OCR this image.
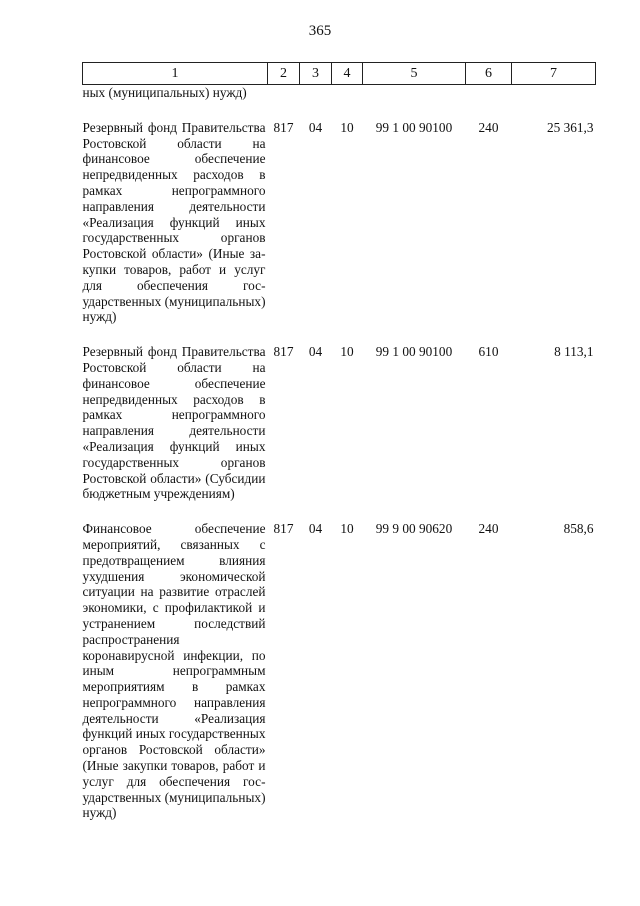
365
1	2	3	4	5	6	7
ных (муниципальных) нужд)						
Резервный фонд Правительства Ростовской области на финансовое обеспечение непредвиденных расходов в рамках непрограммного направления деятельности «Реализация функций иных государственных органов Ростовской области» (Иные закупки товаров, работ и услуг для обеспечения государственных (муниципальных) нужд)	817	04	10	99 1 00 90100	240	25 361,3
Резервный фонд Правительства Ростовской области на финансовое обеспечение непредвиденных расходов в рамках непрограммного направления деятельности «Реализация функций иных государственных органов Ростовской области» (Субсидии бюджетным учреждениям)	817	04	10	99 1 00 90100	610	8 113,1
Финансовое обеспечение мероприятий, связанных с предотвращением влияния ухудшения экономической ситуации на развитие отраслей экономики, с профилактикой и устранением последствий распространения коронавирусной инфекции, по иным непрограммным мероприятиям в рамках непрограммного направления деятельности «Реализация функций иных государственных органов Ростовской области» (Иные закупки товаров, работ и услуг для обеспечения государственных (муниципальных) нужд)	817	04	10	99 9 00 90620	240	858,6
